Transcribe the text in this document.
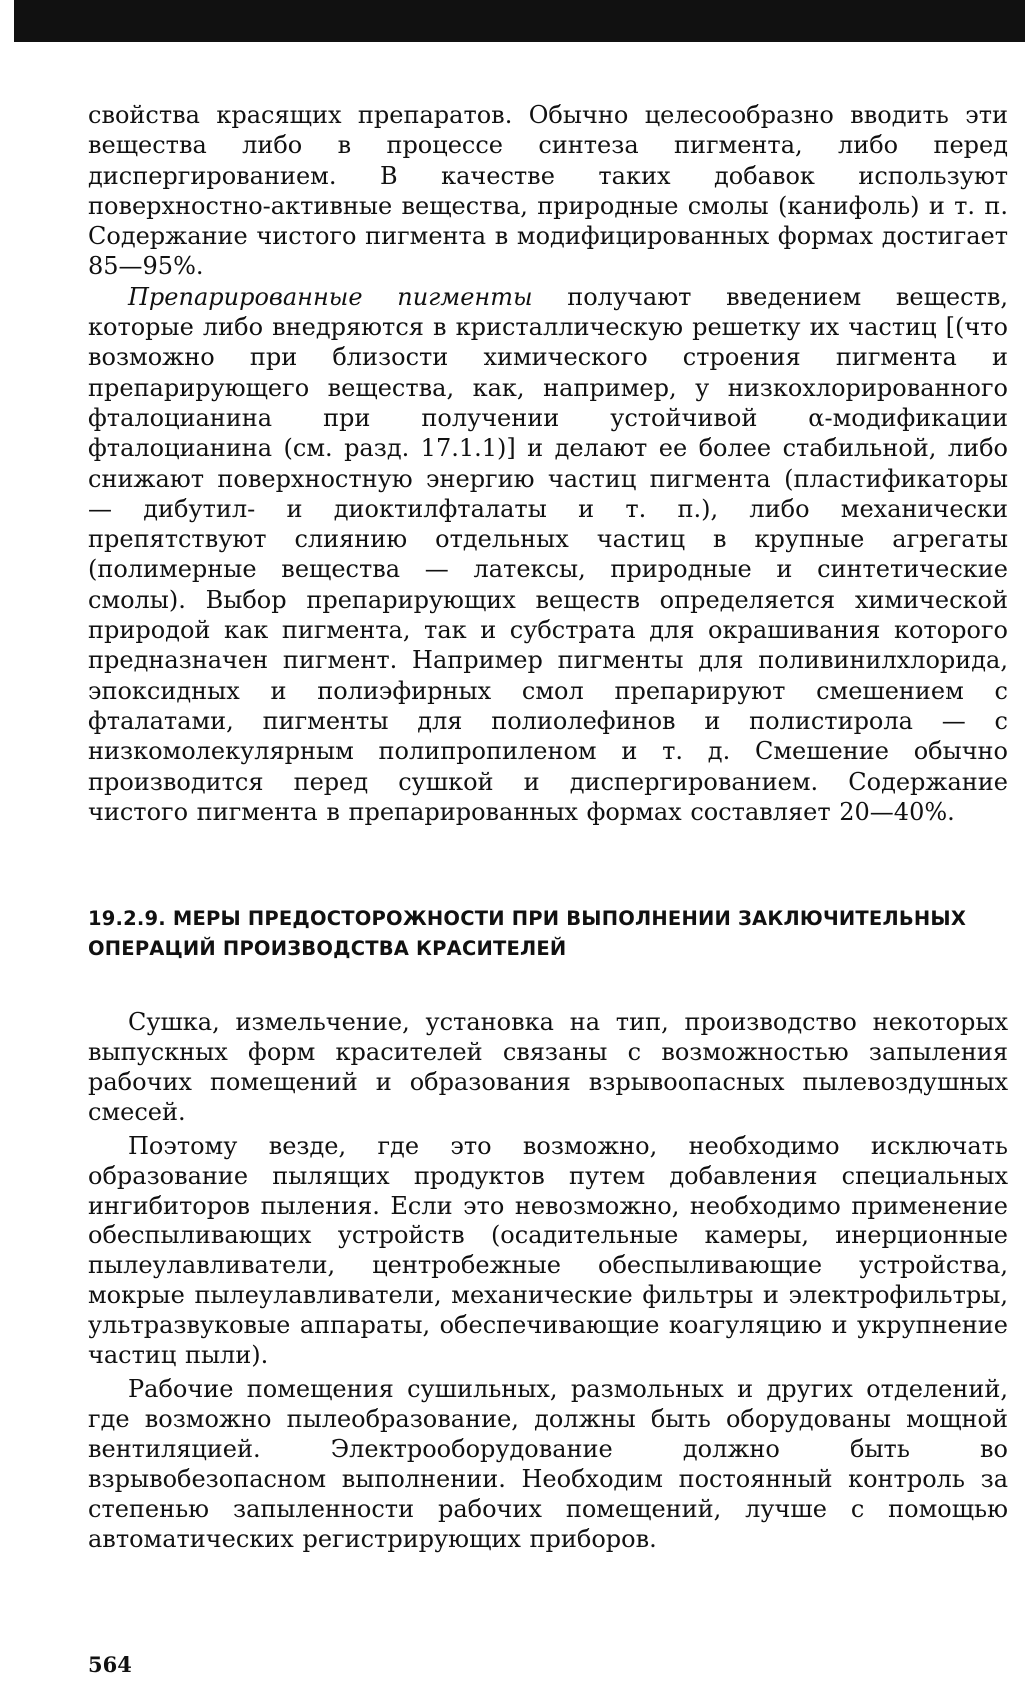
свойства красящих препаратов. Обычно целесообразно вводить эти вещества либо в процессе синтеза пигмента, либо перед диспергированием. В качестве таких добавок используют поверхностно-активные вещества, природные смолы (канифоль) и т. п. Содержание чистого пигмента в модифицированных формах достигает 85—95%.

Препарированные пигменты получают введением веществ, которые либо внедряются в кристаллическую решетку их частиц [(что возможно при близости химического строения пигмента и препарирующего вещества, как, например, у низкохлорированного фталоцианина при получении устойчивой α-модификации фталоцианина (см. разд. 17.1.1)] и делают ее более стабильной, либо снижают поверхностную энергию частиц пигмента (пластификаторы — дибутил- и диоктилфталаты и т. п.), либо механически препятствуют слиянию отдельных частиц в крупные агрегаты (полимерные вещества — латексы, природные и синтетические смолы). Выбор препарирующих веществ определяется химической природой как пигмента, так и субстрата для окрашивания которого предназначен пигмент. Например пигменты для поливинилхлорида, эпоксидных и полиэфирных смол препарируют смешением с фталатами, пигменты для полиолефинов и полистирола — с низкомолекулярным полипропиленом и т. д. Смешение обычно производится перед сушкой и диспергированием. Содержание чистого пигмента в препарированных формах составляет 20—40%.

19.2.9. МЕРЫ ПРЕДОСТОРОЖНОСТИ ПРИ ВЫПОЛНЕНИИ ЗАКЛЮЧИТЕЛЬНЫХ
ОПЕРАЦИЙ ПРОИЗВОДСТВА КРАСИТЕЛЕЙ

Сушка, измельчение, установка на тип, производство некоторых выпускных форм красителей связаны с возможностью запыления рабочих помещений и образования взрывоопасных пылевоздушных смесей.

Поэтому везде, где это возможно, необходимо исключать образование пылящих продуктов путем добавления специальных ингибиторов пыления. Если это невозможно, необходимо применение обеспыливающих устройств (осадительные камеры, инерционные пылеулавливатели, центробежные обеспыливающие устройства, мокрые пылеулавливатели, механические фильтры и электрофильтры, ультразвуковые аппараты, обеспечивающие коагуляцию и укрупнение частиц пыли).

Рабочие помещения сушильных, размольных и других отделений, где возможно пылеобразование, должны быть оборудованы мощной вентиляцией. Электрооборудование должно быть во взрывобезопасном выполнении. Необходим постоянный контроль за степенью запыленности рабочих помещений, лучше с помощью автоматических регистрирующих приборов.

564
